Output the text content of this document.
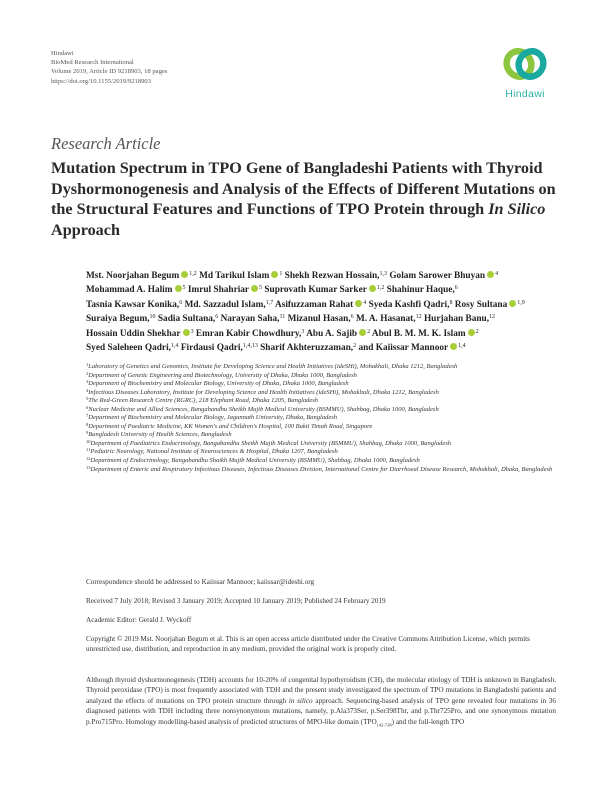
Hindawi
BioMed Research International
Volume 2019, Article ID 9218903, 18 pages
https://doi.org/10.1155/2019/9218903
Hindawi
Research Article
Mutation Spectrum in TPO Gene of Bangladeshi Patients with Thyroid Dyshormonogenesis and Analysis of the Effects of Different Mutations on the Structural Features and Functions of TPO Protein through In Silico Approach
Mst. Noorjahan Begum $^{1,2}$ Md Tarikul Islam $^1$ Shekh Rezwan Hossain,$^{1,3}$ Golam Sarower Bhuyan $^4$ Mohammad A. Halim $^5$ Imrul Shahriar $^5$ Suprovath Kumar Sarker $^{1,2}$ Shahinur Haque,$^6$ Tasnia Kawsar Konika,$^6$ Md. Sazzadul Islam,$^{1,7}$ Asifuzzaman Rahat $^4$ Syeda Kashfi Qadri,$^8$ Rosy Sultana $^{1,9}$ Suraiya Begum,$^{10}$ Sadia Sultana,$^6$ Narayan Saha,$^{11}$ Mizanul Hasan,$^6$ M. A. Hasanat,$^{12}$ Hurjahan Banu,$^{12}$ Hossain Uddin Shekhar $^3$ Emran Kabir Chowdhury,$^3$ Abu A. Sajib $^2$ Abul B. M. M. K. Islam $^2$ Syed Saleheen Qadri,$^{1,4}$ Firdausi Qadri,$^{1,4,13}$ Sharif Akhteruzzaman,$^2$ and Kaiissar Mannoor $^{1,4}$
$^1$Laboratory of Genetics and Genomics, Institute for Developing Science and Health Initiatives (ideSHi), Mohakhali, Dhaka 1212, Bangladesh
$^2$Department of Genetic Engineering and Biotechnology, University of Dhaka, Dhaka 1000, Bangladesh
$^3$Department of Biochemistry and Molecular Biology, University of Dhaka, Dhaka 1000, Bangladesh
$^4$Infectious Diseases Laboratory, Institute for Developing Science and Health Initiatives (ideSHi), Mohakhali, Dhaka 1212, Bangladesh
$^5$The Red-Green Research Centre (RGRC), 218 Elephant Road, Dhaka 1205, Bangladesh
$^6$Nuclear Medicine and Allied Sciences, Bangabandhu Sheikh Mujib Medical University (BSMMU), Shahbag, Dhaka 1000, Bangladesh
$^7$Department of Biochemistry and Molecular Biology, Jagannath University, Dhaka, Bangladesh
$^8$Department of Paediatric Medicine, KK Women's and Children's Hospital, 100 Bukit Timah Road, Singapore
$^9$Bangladesh University of Health Sciences, Bangladesh
$^{10}$Department of Paediatrics Endocrinology, Bangabandhu Sheikh Mujib Medical University (BSMMU), Shahbag, Dhaka 1000, Bangladesh
$^{11}$Pediatric Neurology, National Institute of Neurosciences & Hospital, Dhaka 1207, Bangladesh
$^{12}$Department of Endocrinology, Bangabandhu Shaikh Mujib Medical University (BSMMU), Shahbag, Dhaka 1000, Bangladesh
$^{13}$Department of Enteric and Respiratory Infectious Diseases, Infectious Diseases Division, International Centre for Diarrhoeal Disease Research, Mohakhali, Dhaka, Bangladesh
Correspondence should be addressed to Kaiissar Mannoor; kaiissar@ideshi.org
Received 7 July 2018; Revised 3 January 2019; Accepted 10 January 2019; Published 24 February 2019
Academic Editor: Gerald J. Wyckoff
Copyright © 2019 Mst. Noorjahan Begum et al. This is an open access article distributed under the Creative Commons Attribution License, which permits unrestricted use, distribution, and reproduction in any medium, provided the original work is properly cited.
Although thyroid dyshormonogenesis (TDH) accounts for 10-20% of congenital hypothyroidism (CH), the molecular etiology of TDH is unknown in Bangladesh. Thyroid peroxidase (TPO) is most frequently associated with TDH and the present study investigated the spectrum of TPO mutations in Bangladeshi patients and analyzed the effects of mutations on TPO protein structure through in silico approach. Sequencing-based analysis of TPO gene revealed four mutations in 36 diagnosed patients with TDH including three nonsynonymous mutations, namely, p.Ala373Ser, p.Ser398Thr, and p.Thr725Pro, and one synonymous mutation p.Pro715Pro. Homology modelling-based analysis of predicted structures of MPO-like domain $(TPO_{142-738})$ and the full-length TPO
